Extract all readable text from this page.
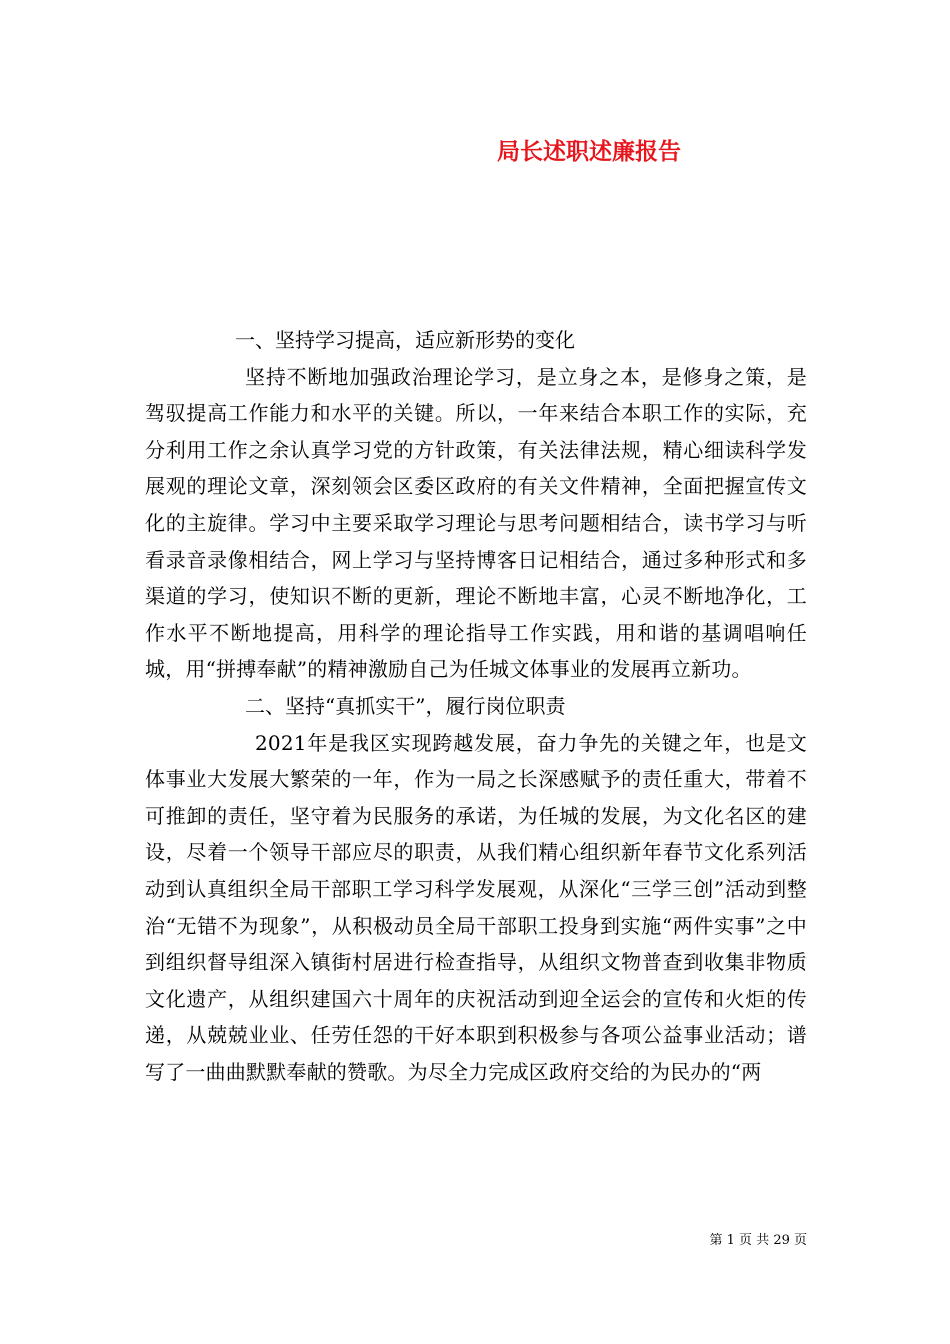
局长述职述廉报告

一、坚持学习提高，适应新形势的变化

坚持不断地加强政治理论学习，是立身之本，是修身之策，是驾驭提高工作能力和水平的关键。所以，一年来结合本职工作的实际，充分利用工作之余认真学习党的方针政策，有关法律法规，精心细读科学发展观的理论文章，深刻领会区委区政府的有关文件精神，全面把握宣传文化的主旋律。学习中主要采取学习理论与思考问题相结合，读书学习与听看录音录像相结合，网上学习与坚持博客日记相结合，通过多种形式和多渠道的学习，使知识不断的更新，理论不断地丰富，心灵不断地净化，工作水平不断地提高，用科学的理论指导工作实践，用和谐的基调唱响任城，用“拼搏奉献”的精神激励自己为任城文体事业的发展再立新功。

二、坚持“真抓实干”，履行岗位职责

2021年是我区实现跨越发展，奋力争先的关键之年，也是文体事业大发展大繁荣的一年，作为一局之长深感赋予的责任重大，带着不可推卸的责任，坚守着为民服务的承诺，为任城的发展，为文化名区的建设，尽着一个领导干部应尽的职责，从我们精心组织新年春节文化系列活动到认真组织全局干部职工学习科学发展观，从深化“三学三创”活动到整治“无错不为现象”，从积极动员全局干部职工投身到实施“两件实事”之中到组织督导组深入镇街村居进行检查指导，从组织文物普查到收集非物质文化遗产，从组织建国六十周年的庆祝活动到迎全运会的宣传和火炬的传递，从兢兢业业、任劳任怨的干好本职到积极参与各项公益事业活动；谱写了一曲曲默默奉献的赞歌。为尽全力完成区政府交给的为民办的“两

第 1 页 共 29 页
